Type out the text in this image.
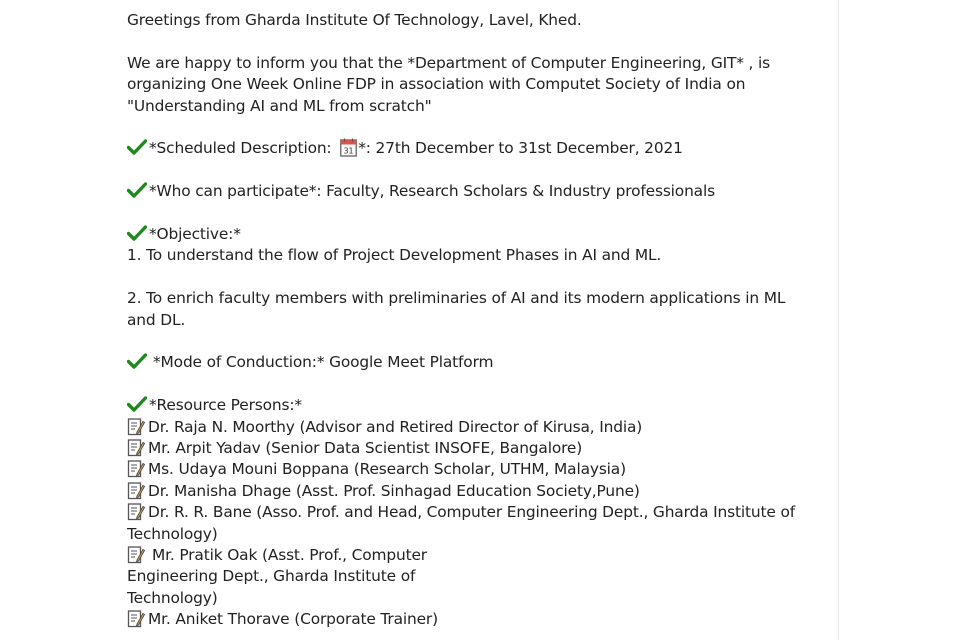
Greetings from Gharda Institute Of Technology, Lavel, Khed.
We are happy to inform you that the *Department of Computer Engineering, GIT* , is organizing One Week Online FDP in association with Computet Society of India on "Understanding AI and ML from scratch"
*Scheduled Description: 31 *: 27th December to 31st December, 2021
*Who can participate*: Faculty, Research Scholars & Industry professionals
*Objective:*
1. To understand the flow of Project Development Phases in AI and ML.
2. To enrich faculty members with preliminaries of AI and its modern applications in ML and DL.
*Mode of Conduction:* Google Meet Platform
*Resource Persons:*
Dr. Raja N. Moorthy (Advisor and Retired Director of Kirusa, India)
Mr. Arpit Yadav (Senior Data Scientist INSOFE, Bangalore)
Ms. Udaya Mouni Boppana (Research Scholar, UTHM, Malaysia)
Dr. Manisha Dhage (Asst. Prof. Sinhagad Education Society,Pune)
Dr. R. R. Bane (Asso. Prof. and Head, Computer Engineering Dept., Gharda Institute of Technology)
Mr. Pratik Oak (Asst. Prof., Computer Engineering Dept., Gharda Institute of Technology)
Mr. Aniket Thorave (Corporate Trainer)
